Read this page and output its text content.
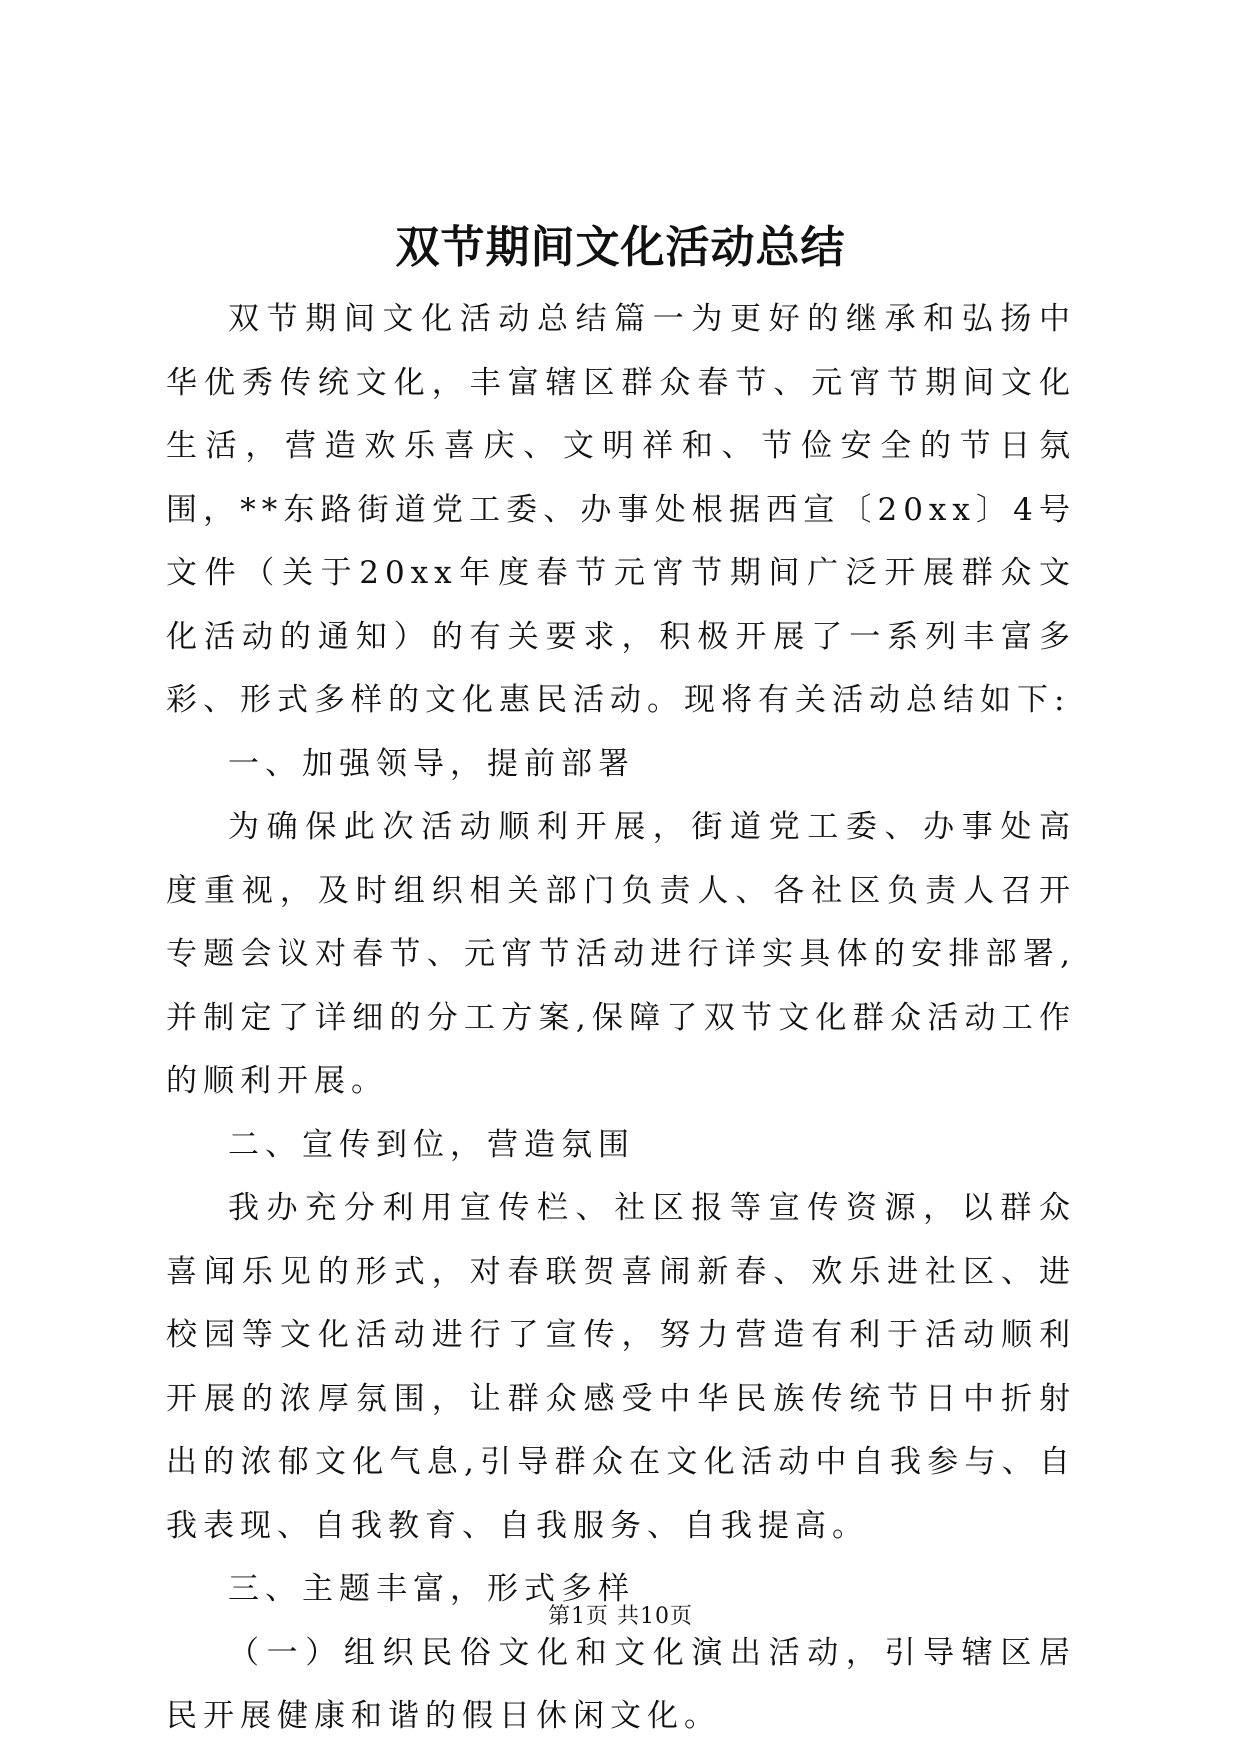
双节期间文化活动总结

双节期间文化活动总结篇一为更好的继承和弘扬中华优秀传统文化，丰富辖区群众春节、元宵节期间文化生活，营造欢乐喜庆、文明祥和、节俭安全的节日氛围，**东路街道党工委、办事处根据西宣〔20xx〕4号文件（关于20xx年度春节元宵节期间广泛开展群众文化活动的通知）的有关要求，积极开展了一系列丰富多彩、形式多样的文化惠民活动。现将有关活动总结如下:

一、加强领导，提前部署

为确保此次活动顺利开展，街道党工委、办事处高度重视，及时组织相关部门负责人、各社区负责人召开专题会议对春节、元宵节活动进行详实具体的安排部署,并制定了详细的分工方案,保障了双节文化群众活动工作的顺利开展。

二、宣传到位，营造氛围

我办充分利用宣传栏、社区报等宣传资源，以群众喜闻乐见的形式，对春联贺喜闹新春、欢乐进社区、进校园等文化活动进行了宣传，努力营造有利于活动顺利开展的浓厚氛围，让群众感受中华民族传统节日中折射出的浓郁文化气息,引导群众在文化活动中自我参与、自我表现、自我教育、自我服务、自我提高。

三、主题丰富，形式多样

（一）组织民俗文化和文化演出活动，引导辖区居民开展健康和谐的假日休闲文化。

第1页 共10页
